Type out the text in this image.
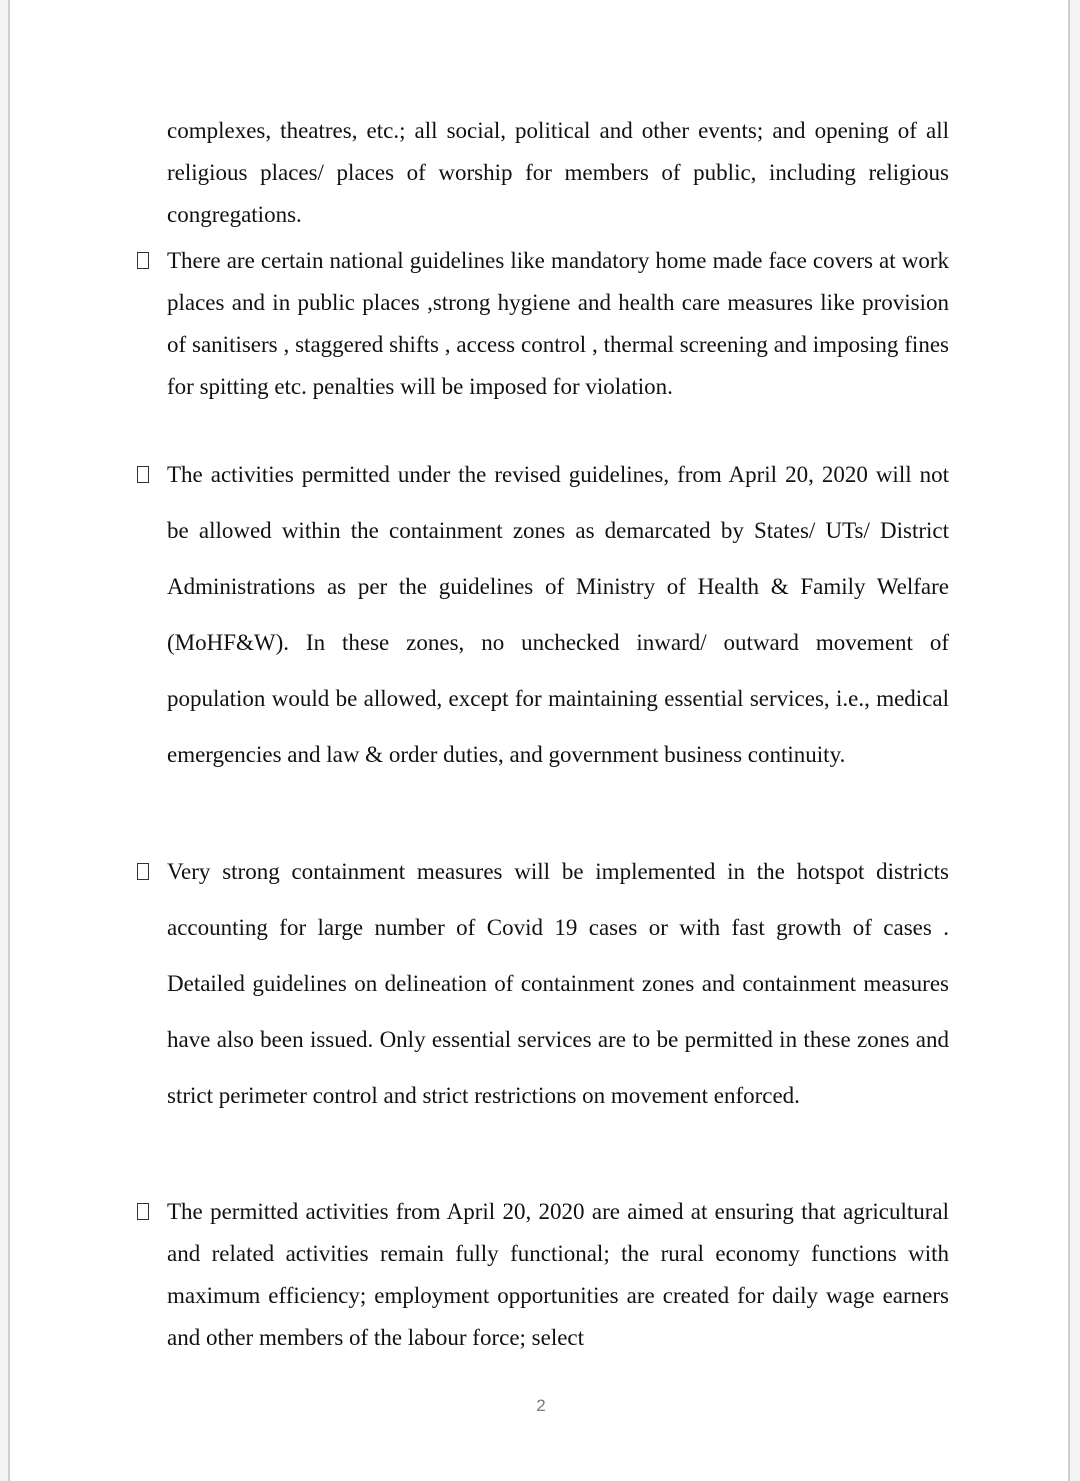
complexes, theatres, etc.; all social, political and other events; and opening of all religious places/ places of worship for members of public, including religious congregations.

There are certain national guidelines like mandatory home made face covers at work places and in public places ,strong hygiene and health care measures like provision of sanitisers , staggered shifts , access control , thermal screening and imposing fines for spitting etc. penalties will be imposed for violation.

The activities permitted under the revised guidelines, from April 20, 2020 will not be allowed within the containment zones as demarcated by States/ UTs/ District Administrations as per the guidelines of Ministry of Health & Family Welfare (MoHF&W). In these zones, no unchecked inward/ outward movement of population would be allowed, except for maintaining essential services, i.e., medical emergencies and law & order duties, and government business continuity.

Very strong containment measures will be implemented in the hotspot districts accounting for large number of Covid 19 cases or with fast growth of cases . Detailed guidelines on delineation of containment zones and containment measures have also been issued. Only essential services are to be permitted in these zones and strict perimeter control and strict restrictions on movement enforced.

The permitted activities from April 20, 2020 are aimed at ensuring that agricultural and related activities remain fully functional; the rural economy functions with maximum efficiency; employment opportunities are created for daily wage earners and other members of the labour force; select

2
